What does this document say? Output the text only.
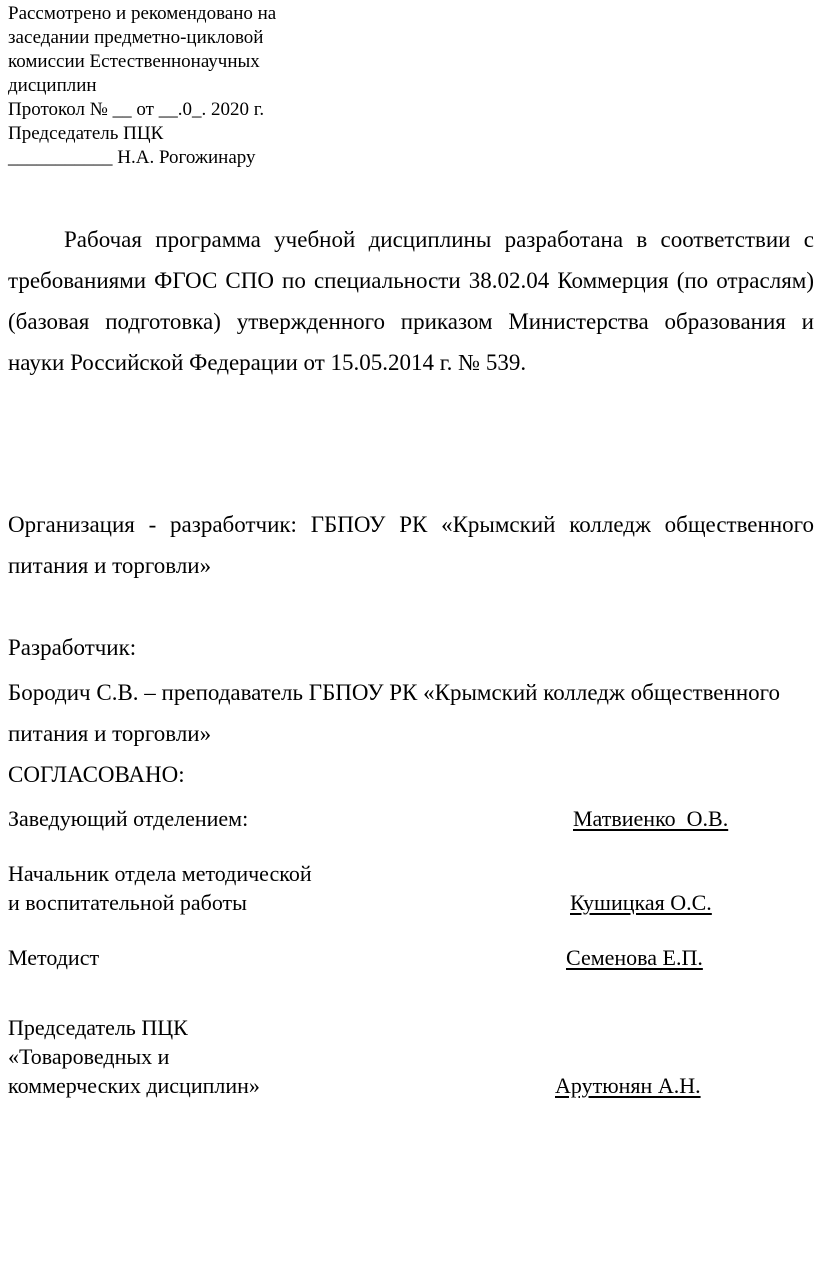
Рассмотрено и рекомендовано на
заседании предметно-цикловой
комиссии Естественнонаучных
дисциплин
Протокол № __ от __.0_. 2020 г.
Председатель ПЦК
___________ Н.А. Рогожинару

Рабочая программа учебной дисциплины разработана в соответствии с требованиями ФГОС СПО по специальности 38.02.04 Коммерция (по отраслям) (базовая подготовка) утвержденного приказом Министерства образования и науки Российской Федерации от 15.05.2014 г. № 539.

Организация - разработчик: ГБПОУ РК «Крымский колледж общественного питания и торговли»

Разработчик:
Бородич С.В. – преподаватель ГБПОУ РК «Крымский колледж общественного
питания и торговли»
СОГЛАСОВАНО:
Заведующий отделением:	Матвиенко  О.В.
Начальник отдела методической
и воспитательной работы	Кушицкая О.С.
Методист	Семенова Е.П.
Председатель ПЦК
«Товароведных и
коммерческих дисциплин»	Арутюнян А.Н.
